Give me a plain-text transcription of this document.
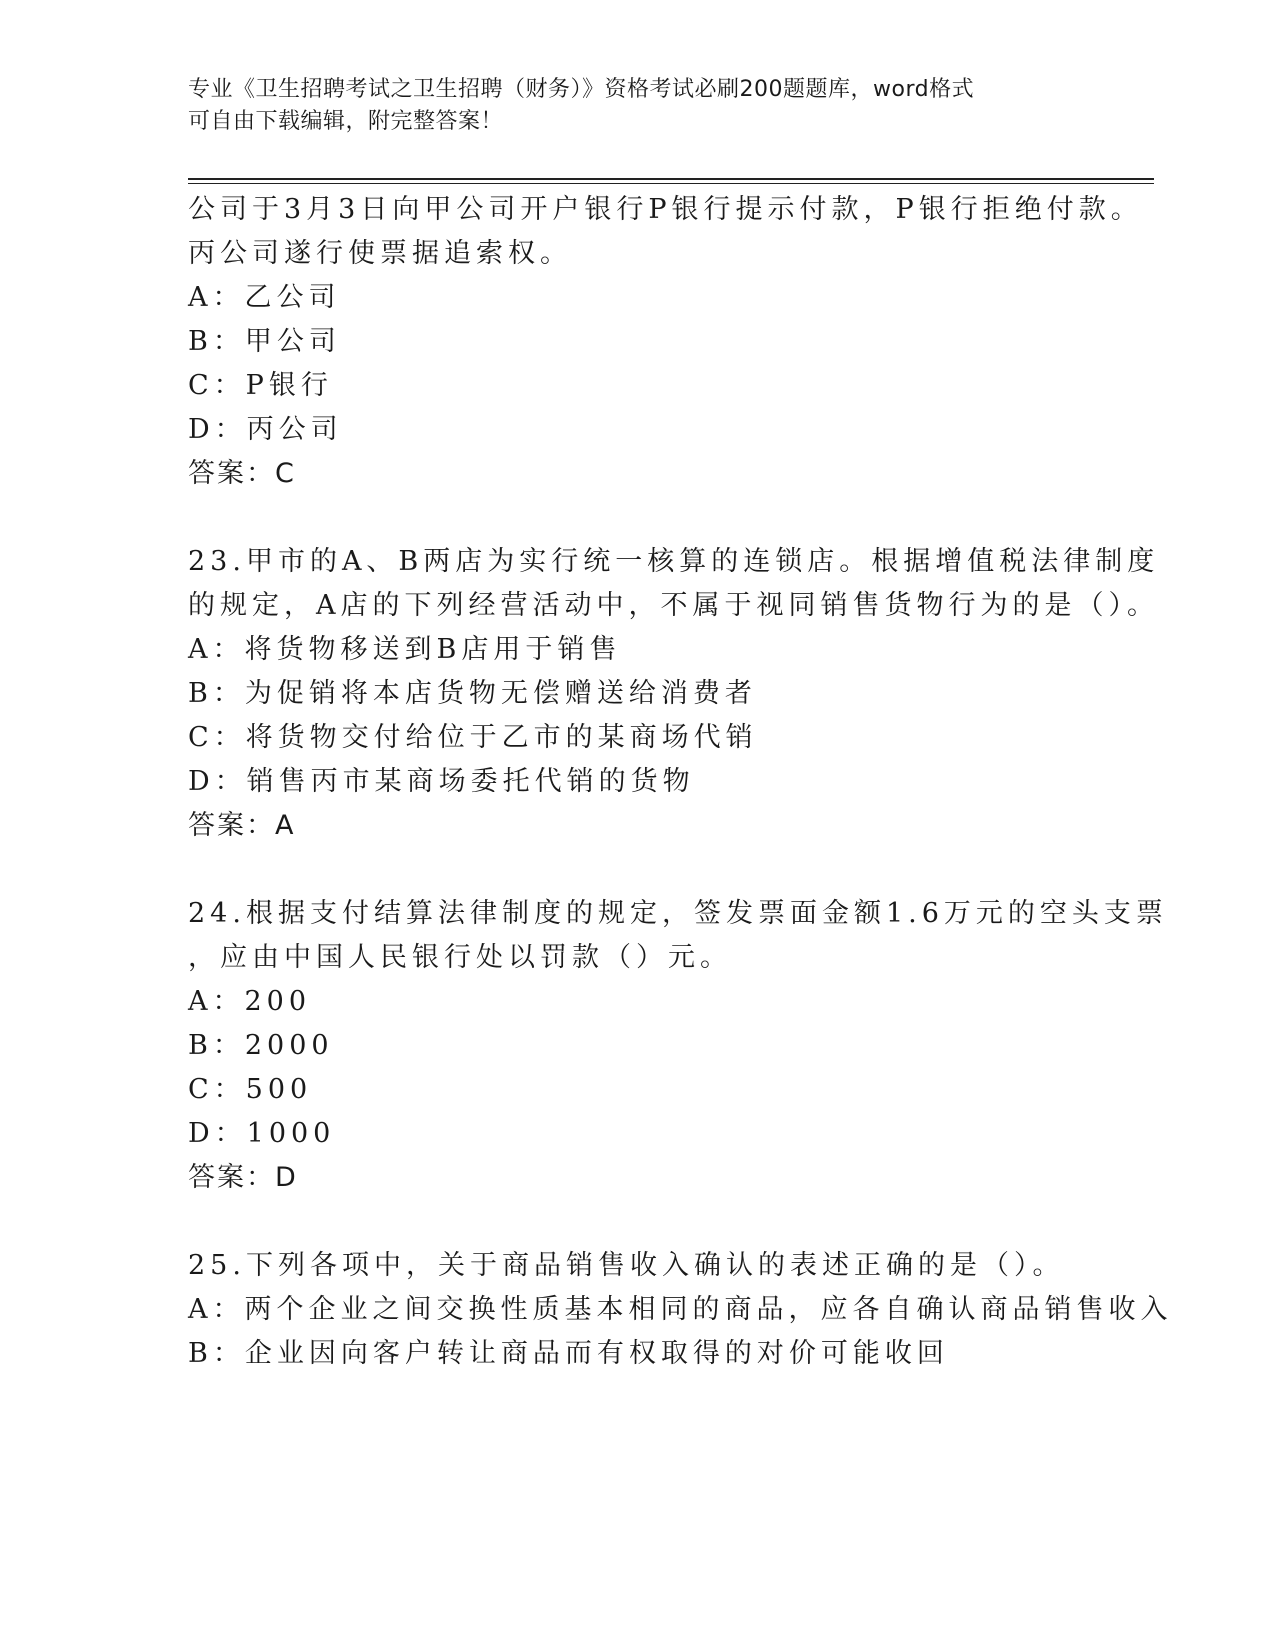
专业《卫生招聘考试之卫生招聘（财务）》资格考试必刷200题题库，word格式
可自由下载编辑，附完整答案！
公司于3月3日向甲公司开户银行P银行提示付款，P银行拒绝付款。
丙公司遂行使票据追索权。
A：乙公司
B：甲公司
C：P银行
D：丙公司
答案：C
23.甲市的A、B两店为实行统一核算的连锁店。根据增值税法律制度
的规定，A店的下列经营活动中，不属于视同销售货物行为的是（）。
A：将货物移送到B店用于销售
B：为促销将本店货物无偿赠送给消费者
C：将货物交付给位于乙市的某商场代销
D：销售丙市某商场委托代销的货物
答案：A
24.根据支付结算法律制度的规定，签发票面金额1.6万元的空头支票
，应由中国人民银行处以罚款（）元。
A：200
B：2000
C：500
D：1000
答案：D
25.下列各项中，关于商品销售收入确认的表述正确的是（）。
A：两个企业之间交换性质基本相同的商品，应各自确认商品销售收入
B：企业因向客户转让商品而有权取得的对价可能收回
